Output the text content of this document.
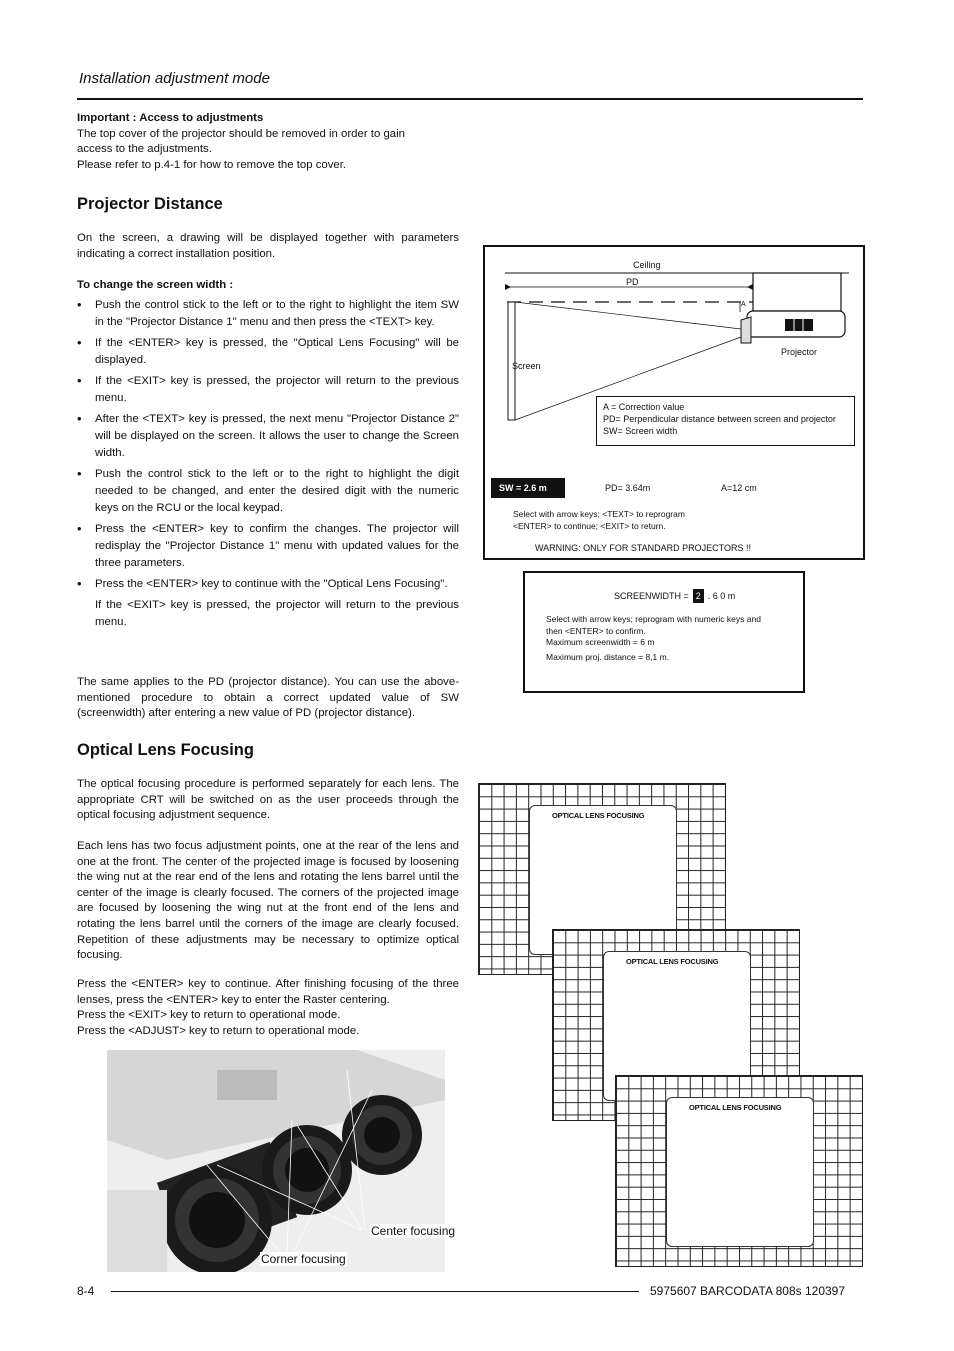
Installation adjustment mode
Important : Access to adjustments
The top cover of the projector should be removed in order to gain
access to the adjustments.
Please refer to p.4-1 for how to remove the top cover.
Projector Distance
On the screen, a drawing will be displayed together with parameters indicating a correct installation position.
To change the screen width :
• Push the control stick to the left or to the right to highlight the item SW in the "Projector Distance 1" menu and then press the <TEXT> key.
• If the <ENTER> key is pressed, the "Optical Lens Focusing" will be displayed.
• If the <EXIT> key is pressed, the projector will return to the previous menu.
• After the <TEXT> key is pressed, the next menu "Projector Distance 2" will be displayed on the screen. It allows the user to change the Screen width.
• Push the control stick to the left or to the right to highlight the digit needed to be changed, and enter the desired digit with the numeric keys on the RCU or the local keypad.
• Press the <ENTER> key to confirm the changes. The projector will redisplay the "Projector Distance 1" menu with updated values for the three parameters.
• Press the <ENTER> key to continue with the "Optical Lens Focusing".
If the <EXIT> key is pressed, the projector will return to the previous menu.
The same applies to the PD (projector distance). You can use the above-mentioned procedure to obtain a correct updated value of SW (screenwidth) after entering a new value of PD (projector distance).
Ceiling
PD
A
Screen
Projector
A = Correction value
PD= Perpendicular distance between screen and projector
SW= Screen width
SW = 2.6 m	PD= 3.64m	A=12 cm
Select with arrow keys; <TEXT> to reprogram
<ENTER> to continue; <EXIT> to return.
WARNING: ONLY FOR STANDARD PROJECTORS !!
SCREENWIDTH = 2 . 6 0 m
Select with arrow keys; reprogram with numeric keys and
then <ENTER> to confirm.
Maximum screenwidth = 6 m
Maximum proj. distance = 8,1 m.
Optical Lens Focusing
The optical focusing procedure is performed separately for each lens. The appropriate CRT will be switched on as the user proceeds through the optical focusing adjustment sequence.
Each lens has two focus adjustment points, one at the rear of the lens and one at the front. The center of the projected image is focused by loosening the wing nut at the rear end of the lens and rotating the lens barrel until the center of the image is clearly focused. The corners of the projected image are focused by loosening the wing nut at the front end of the lens and rotating the lens barrel until the corners of the image are clearly focused. Repetition of these adjustments may be necessary to optimize optical focusing.
Press the <ENTER> key to continue. After finishing focusing of the three lenses, press the <ENTER> key to enter the Raster centering.
Press the <EXIT> key to return to operational mode.
Press the <ADJUST> key to return to operational mode.
Center focusing
Corner focusing
OPTICAL LENS FOCUSING
OPTICAL LENS FOCUSING
OPTICAL LENS FOCUSING
8-4	5975607 BARCODATA 808s 120397
